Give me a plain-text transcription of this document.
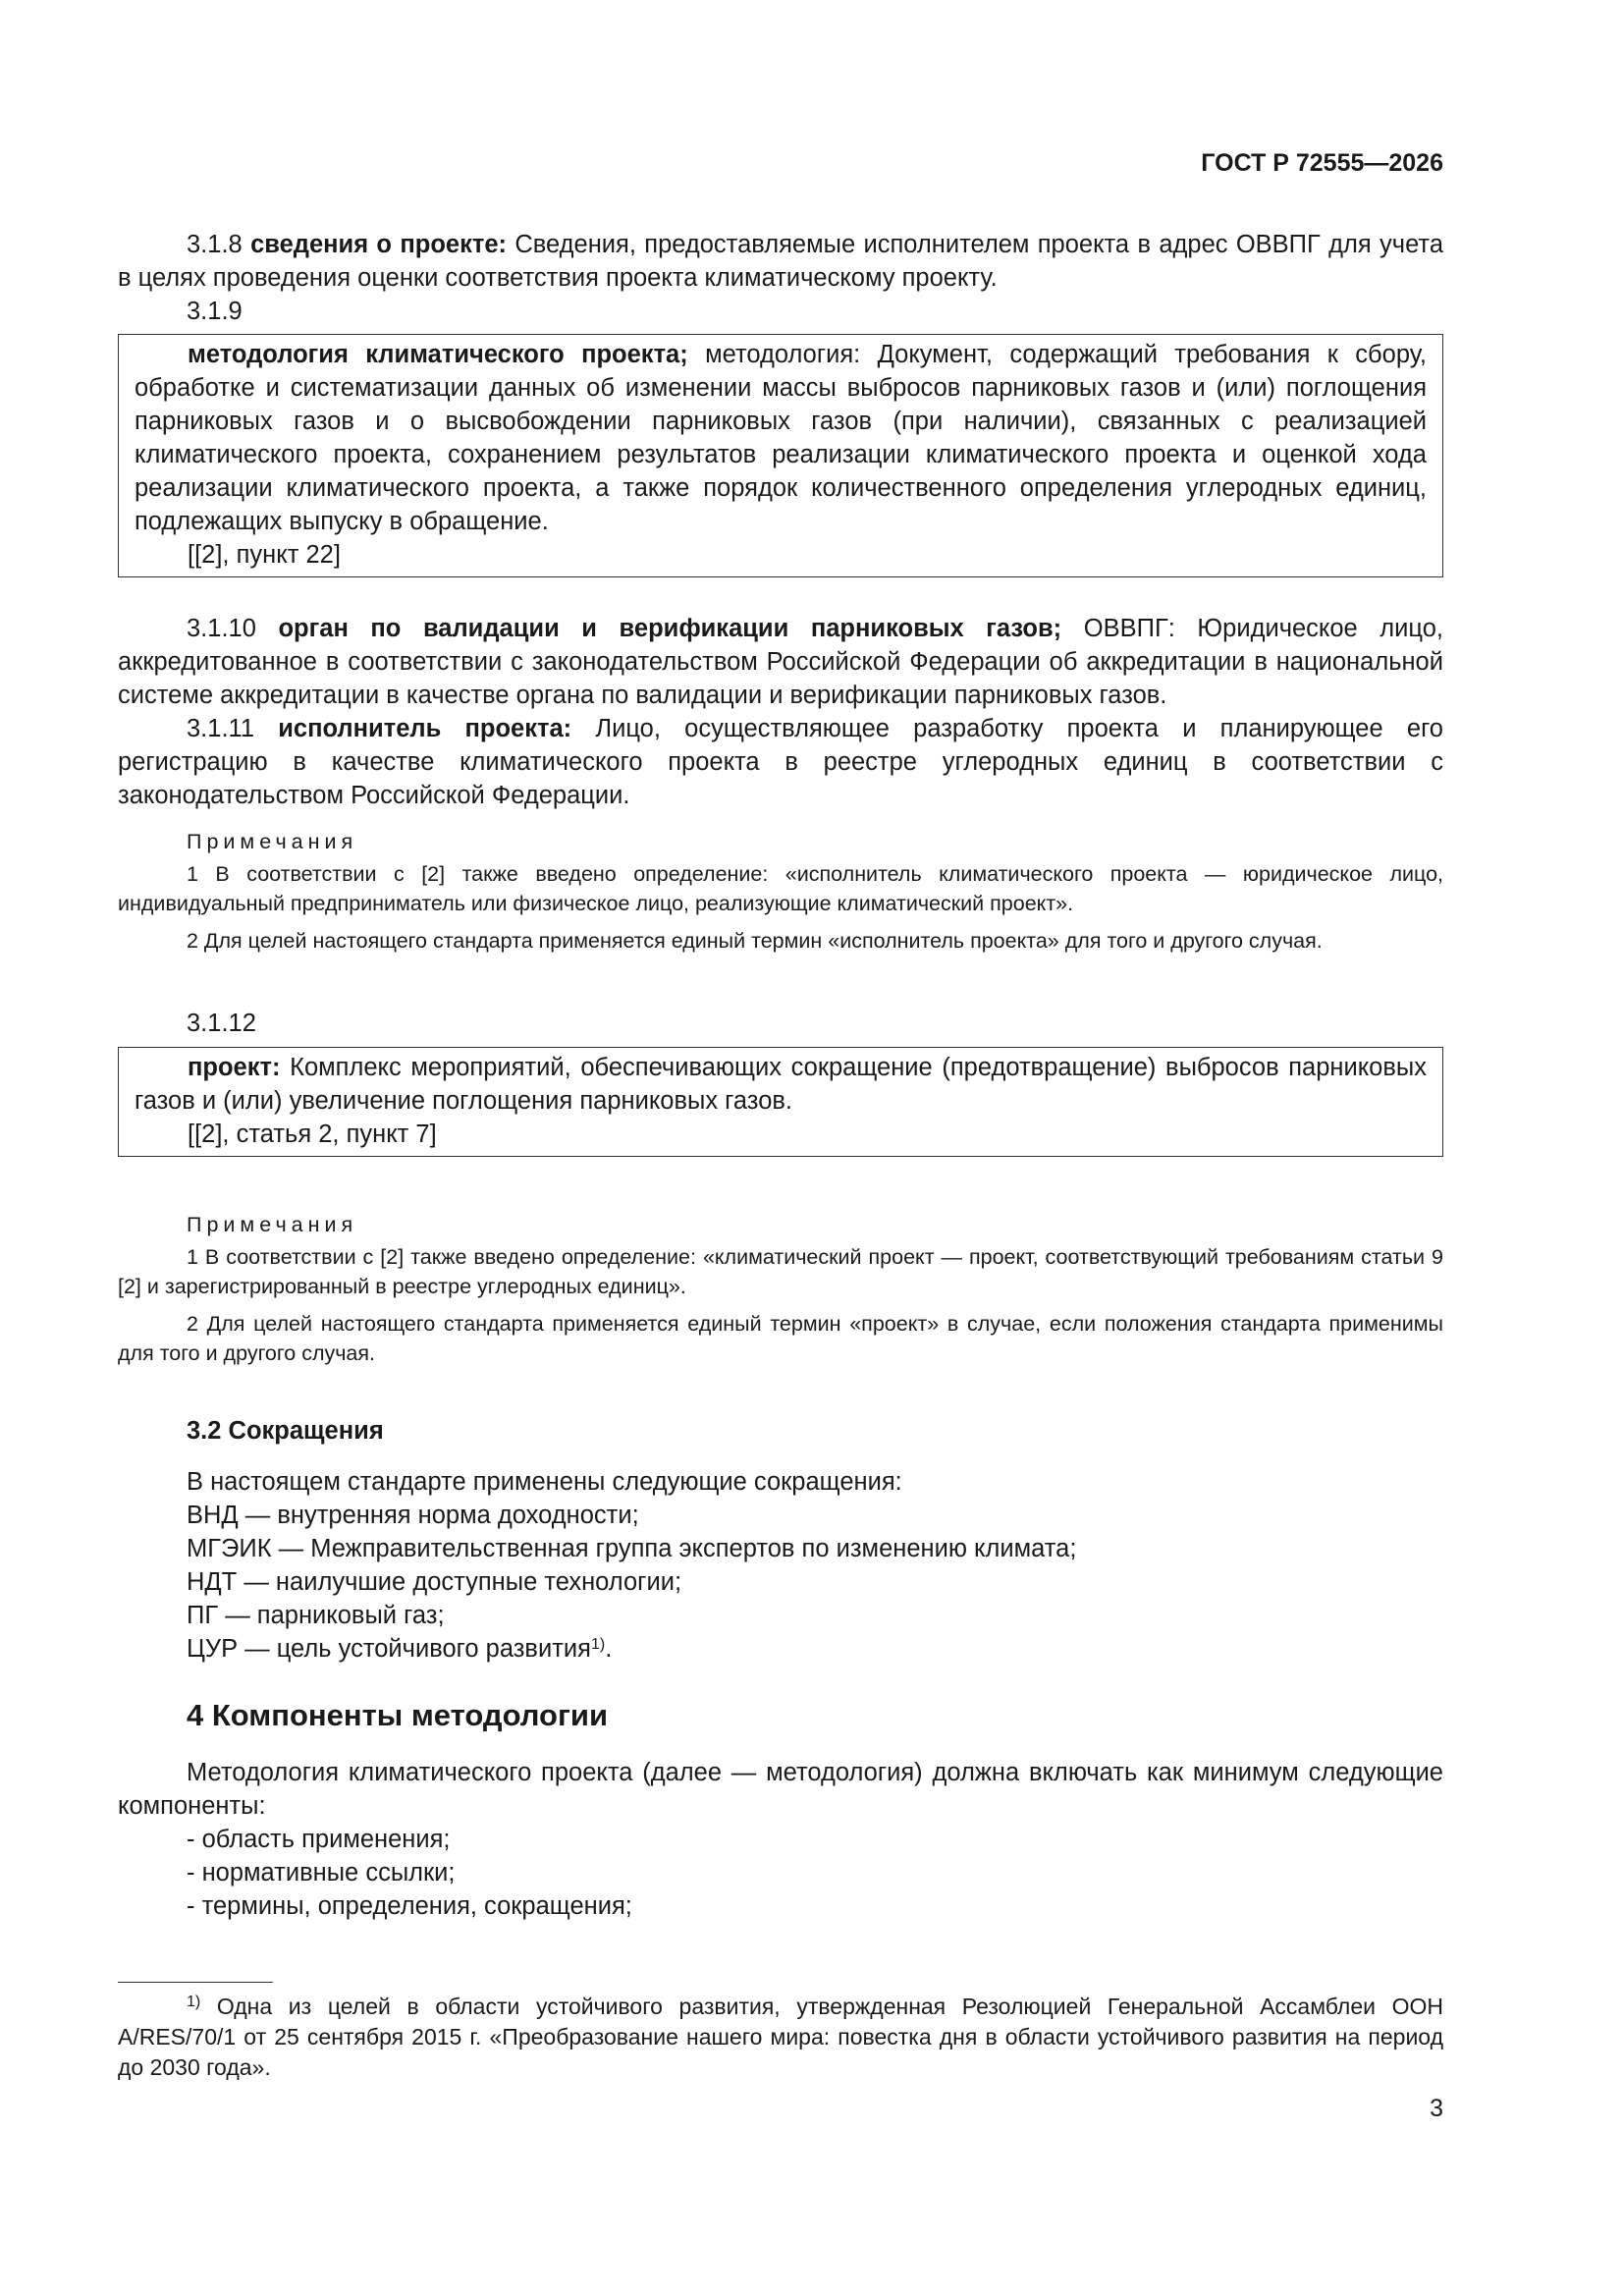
ГОСТ Р 72555—2026

3.1.8 сведения о проекте: Сведения, предоставляемые исполнителем проекта в адрес ОВВПГ для учета в целях проведения оценки соответствия проекта климатическому проекту.

3.1.9

методология климатического проекта; методология: Документ, содержащий требования к сбору, обработке и систематизации данных об изменении массы выбросов парниковых газов и (или) поглощения парниковых газов и о высвобождении парниковых газов (при наличии), связанных с реализацией климатического проекта, сохранением результатов реализации климатического проекта и оценкой хода реализации климатического проекта, а также порядок количественного определения углеродных единиц, подлежащих выпуску в обращение.

[[2], пункт 22]

3.1.10 орган по валидации и верификации парниковых газов; ОВВПГ: Юридическое лицо, аккредитованное в соответствии с законодательством Российской Федерации об аккредитации в национальной системе аккредитации в качестве органа по валидации и верификации парниковых газов.

3.1.11 исполнитель проекта: Лицо, осуществляющее разработку проекта и планирующее его регистрацию в качестве климатического проекта в реестре углеродных единиц в соответствии с законодательством Российской Федерации.

Примечания

1 В соответствии с [2] также введено определение: «исполнитель климатического проекта — юридическое лицо, индивидуальный предприниматель или физическое лицо, реализующие климатический проект».

2 Для целей настоящего стандарта применяется единый термин «исполнитель проекта» для того и другого случая.

3.1.12

проект: Комплекс мероприятий, обеспечивающих сокращение (предотвращение) выбросов парниковых газов и (или) увеличение поглощения парниковых газов.

[[2], статья 2, пункт 7]

Примечания

1 В соответствии с [2] также введено определение: «климатический проект — проект, соответствующий требованиям статьи 9 [2] и зарегистрированный в реестре углеродных единиц».

2 Для целей настоящего стандарта применяется единый термин «проект» в случае, если положения стандарта применимы для того и другого случая.

3.2 Сокращения

В настоящем стандарте применены следующие сокращения:

ВНД — внутренняя норма доходности;

МГЭИК — Межправительственная группа экспертов по изменению климата;

НДТ — наилучшие доступные технологии;

ПГ — парниковый газ;

ЦУР — цель устойчивого развития$^{1)}$.

4 Компоненты методологии

Методология климатического проекта (далее — методология) должна включать как минимум следующие компоненты:

- область применения;

- нормативные ссылки;

- термины, определения, сокращения;

$^{1)}$ Одна из целей в области устойчивого развития, утвержденная Резолюцией Генеральной Ассамблеи ООН A/RES/70/1 от 25 сентября 2015 г. «Преобразование нашего мира: повестка дня в области устойчивого развития на период до 2030 года».

3
